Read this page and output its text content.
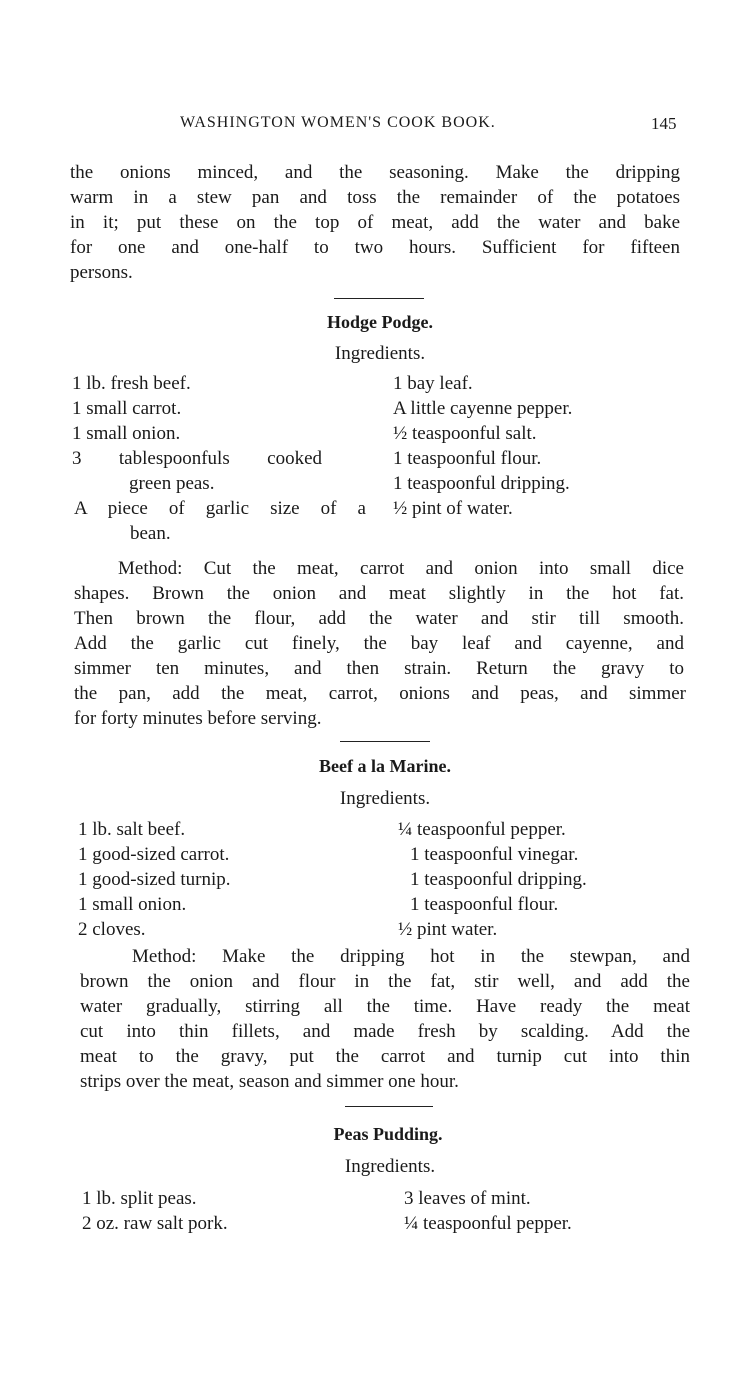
WASHINGTON WOMEN'S COOK BOOK.	145
the onions minced, and the seasoning. Make the dripping
warm in a stew pan and toss the remainder of the potatoes
in it; put these on the top of meat, add the water and bake
for one and one-half to two hours. Sufficient for fifteen
persons.
Hodge Podge.
Ingredients.
1 lb. fresh beef.
1 small carrot.
1 small onion.
3 tablespoonfuls cooked
green peas.
A piece of garlic size of a
bean.
1 bay leaf.
A little cayenne pepper.
½ teaspoonful salt.
1 teaspoonful flour.
1 teaspoonful dripping.
½ pint of water.
Method: Cut the meat, carrot and onion into small dice
shapes. Brown the onion and meat slightly in the hot fat.
Then brown the flour, add the water and stir till smooth.
Add the garlic cut finely, the bay leaf and cayenne, and
simmer ten minutes, and then strain. Return the gravy to
the pan, add the meat, carrot, onions and peas, and simmer
for forty minutes before serving.
Beef a la Marine.
Ingredients.
1 lb. salt beef.
1 good-sized carrot.
1 good-sized turnip.
1 small onion.
2 cloves.
¼ teaspoonful pepper.
1 teaspoonful vinegar.
1 teaspoonful dripping.
1 teaspoonful flour.
½ pint water.
Method: Make the dripping hot in the stewpan, and
brown the onion and flour in the fat, stir well, and add the
water gradually, stirring all the time. Have ready the meat
cut into thin fillets, and made fresh by scalding. Add the
meat to the gravy, put the carrot and turnip cut into thin
strips over the meat, season and simmer one hour.
Peas Pudding.
Ingredients.
1 lb. split peas.
2 oz. raw salt pork.
3 leaves of mint.
¼ teaspoonful pepper.
